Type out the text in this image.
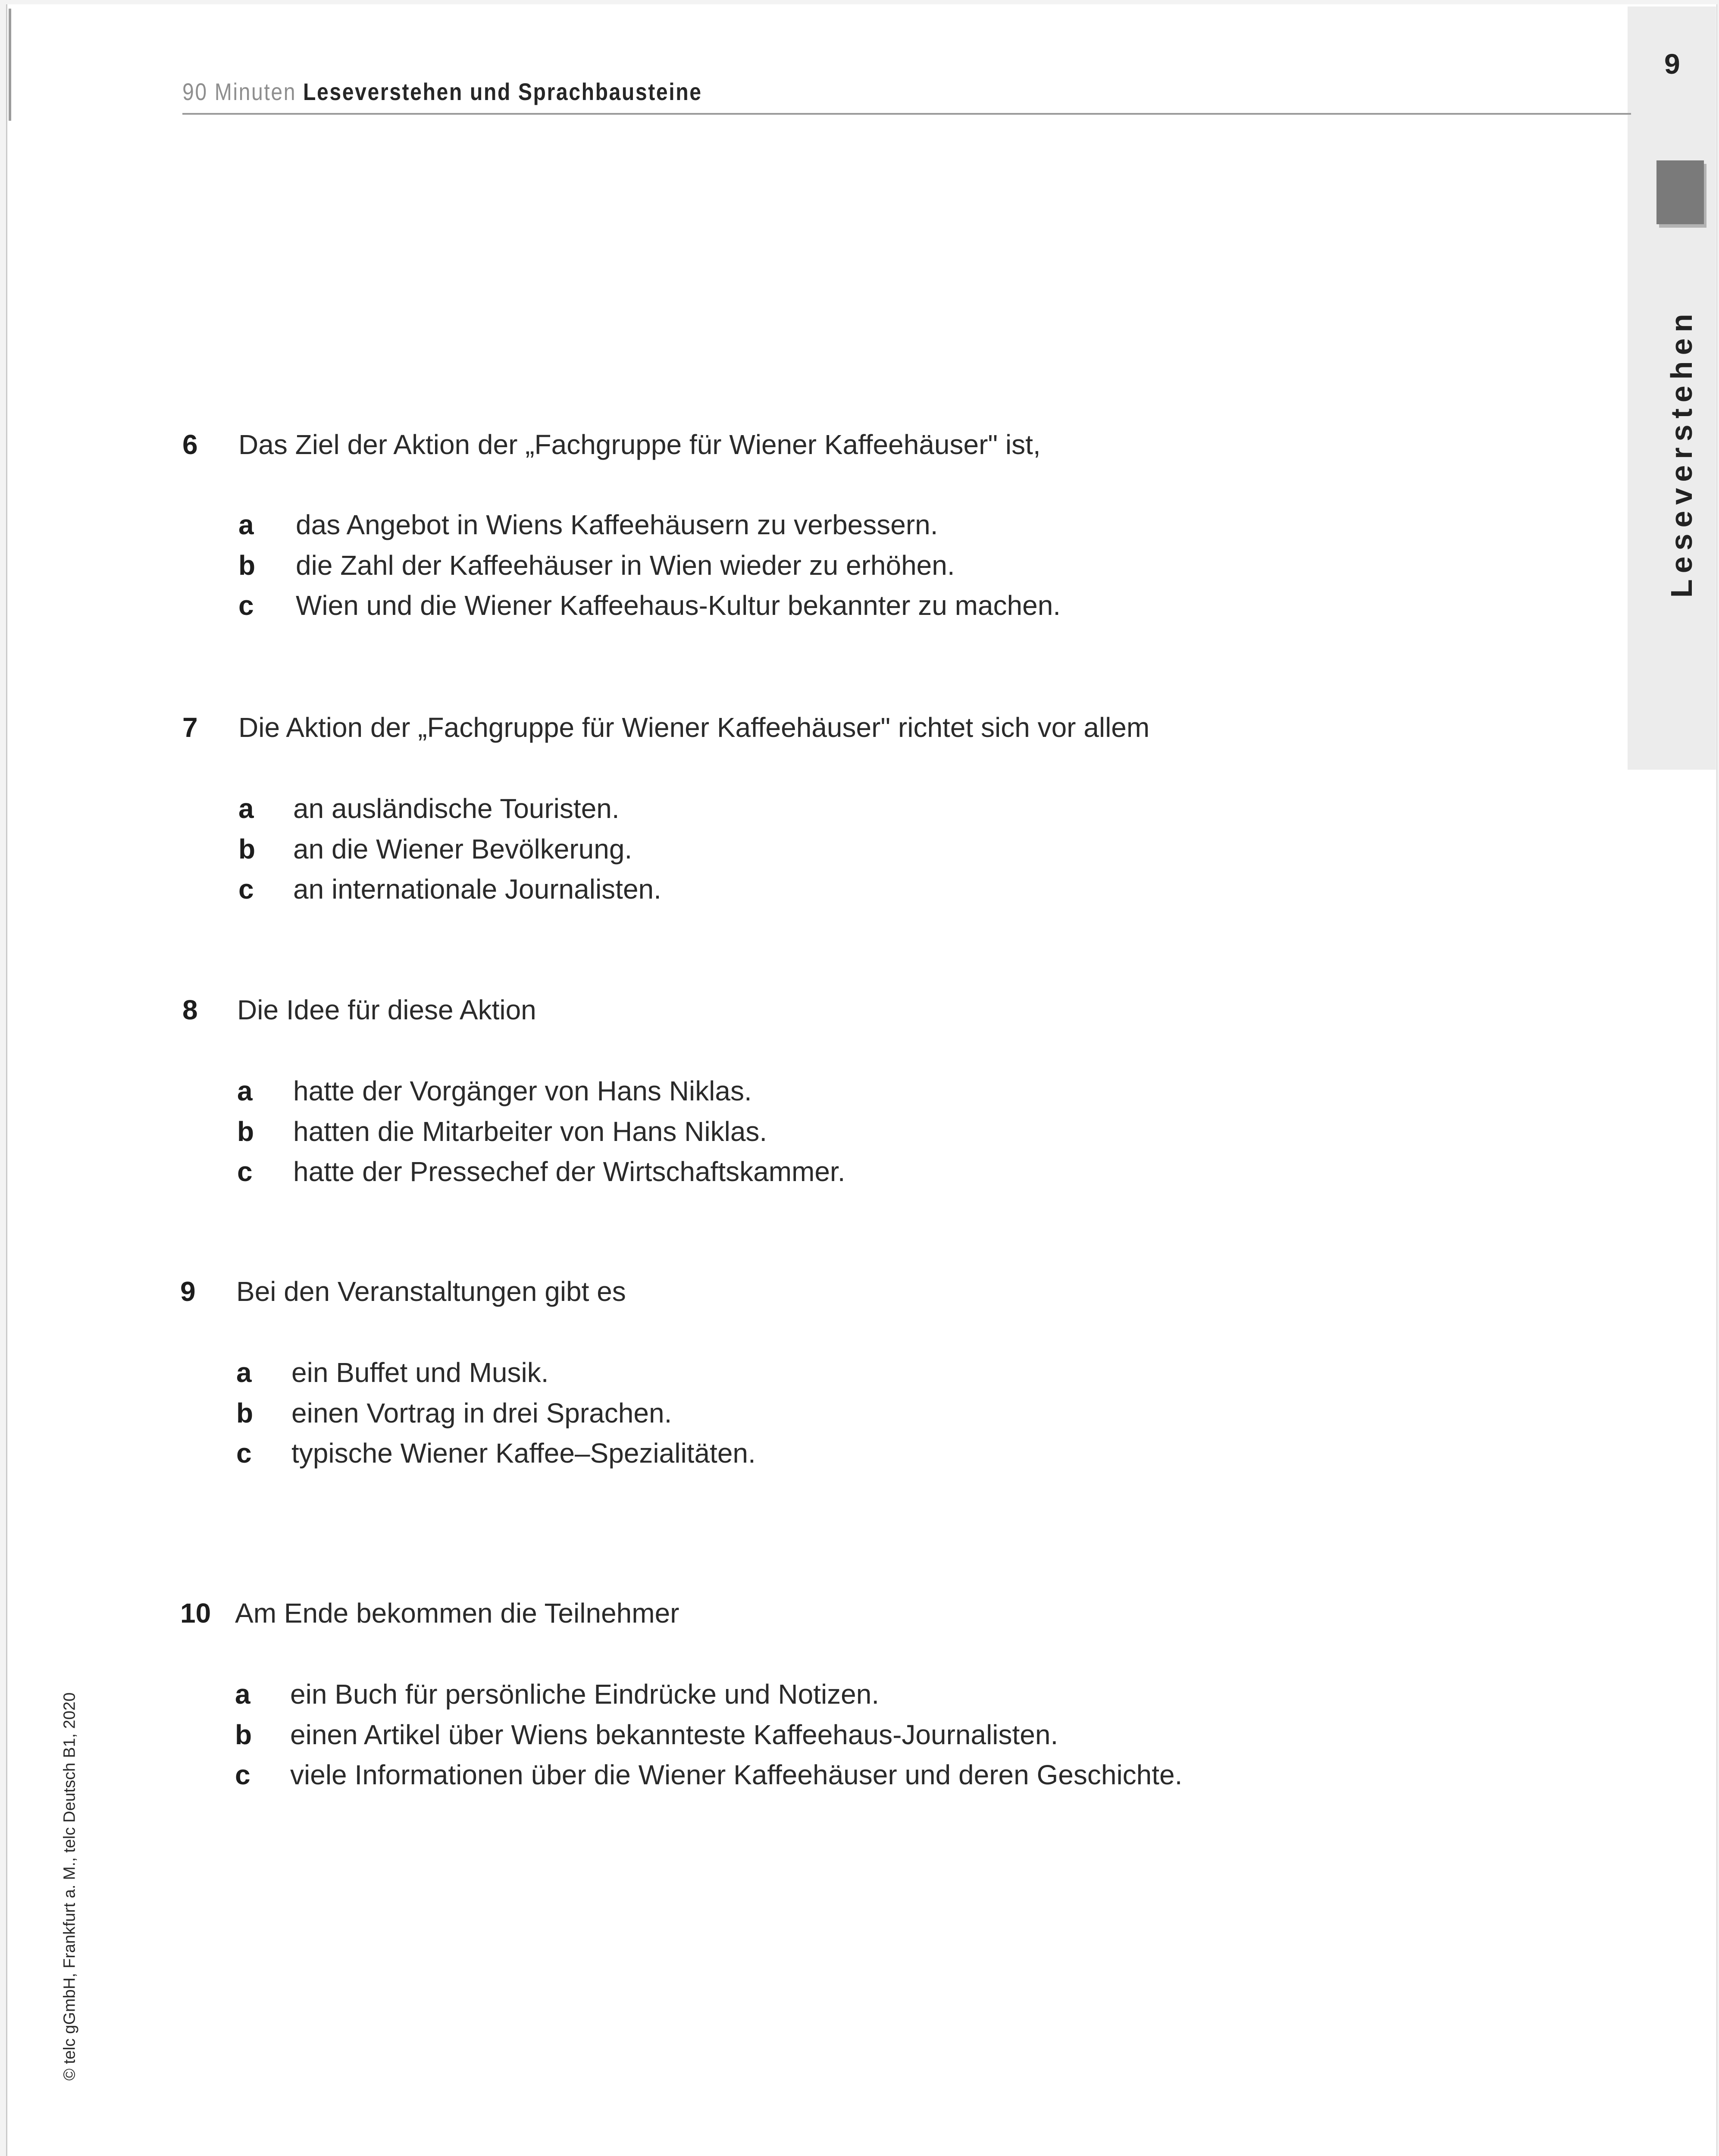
9
Leseverstehen
90 Minuten Leseverstehen und Sprachbausteine
6 Das Ziel der Aktion der „Fachgruppe für Wiener Kaffeehäuser" ist,
a das Angebot in Wiens Kaffeehäusern zu verbessern.
b die Zahl der Kaffeehäuser in Wien wieder zu erhöhen.
c Wien und die Wiener Kaffeehaus-Kultur bekannter zu machen.
7 Die Aktion der „Fachgruppe für Wiener Kaffeehäuser" richtet sich vor allem
a an ausländische Touristen.
b an die Wiener Bevölkerung.
c an internationale Journalisten.
8 Die Idee für diese Aktion
a hatte der Vorgänger von Hans Niklas.
b hatten die Mitarbeiter von Hans Niklas.
c hatte der Pressechef der Wirtschaftskammer.
9 Bei den Veranstaltungen gibt es
a ein Buffet und Musik.
b einen Vortrag in drei Sprachen.
c typische Wiener Kaffee–Spezialitäten.
10 Am Ende bekommen die Teilnehmer
a ein Buch für persönliche Eindrücke und Notizen.
b einen Artikel über Wiens bekannteste Kaffeehaus-Journalisten.
c viele Informationen über die Wiener Kaffeehäuser und deren Geschichte.
© telc gGmbH, Frankfurt a. M., telc Deutsch B1, 2020
